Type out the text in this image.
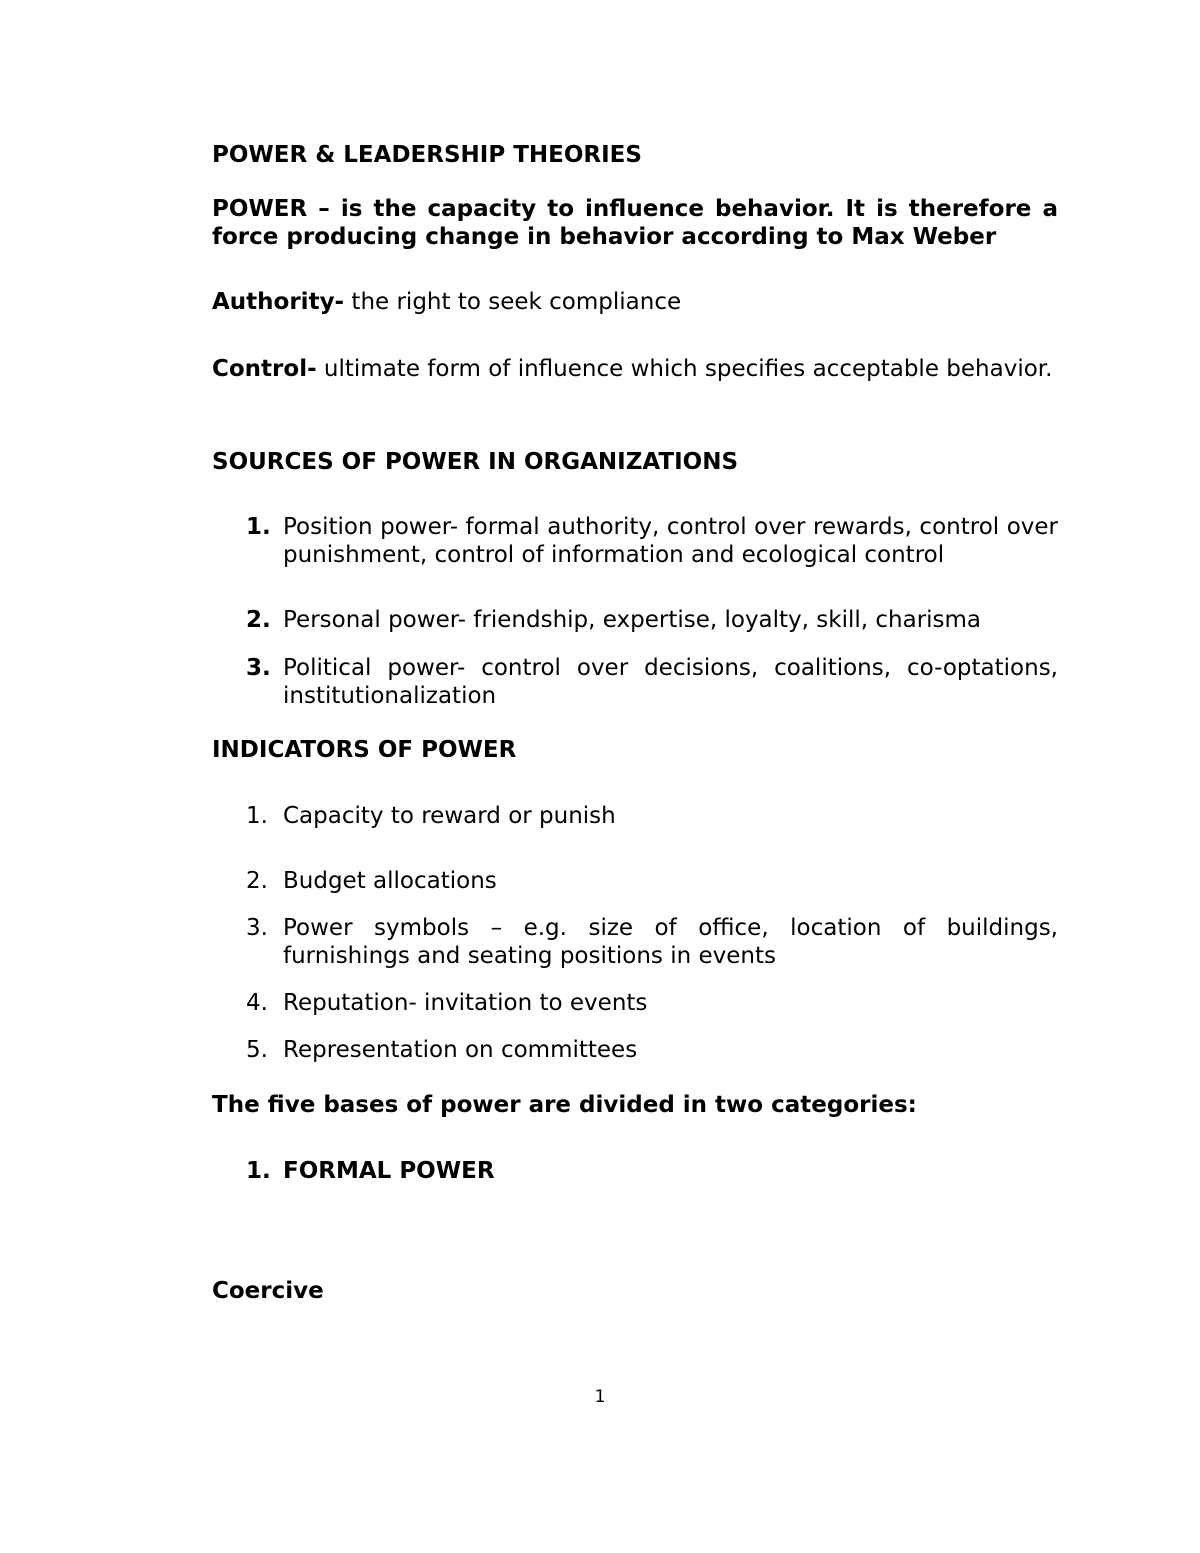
POWER & LEADERSHIP THEORIES

POWER – is the capacity to influence behavior. It is therefore a force producing change in behavior according to Max Weber

Authority- the right to seek compliance

Control- ultimate form of influence which specifies acceptable behavior.

SOURCES OF POWER IN ORGANIZATIONS

1. Position power- formal authority, control over rewards, control over punishment, control of information and ecological control
2. Personal power- friendship, expertise, loyalty, skill, charisma
3. Political power- control over decisions, coalitions, co-optations, institutionalization

INDICATORS OF POWER

1. Capacity to reward or punish
2. Budget allocations
3. Power symbols – e.g. size of office, location of buildings, furnishings and seating positions in events
4. Reputation- invitation to events
5. Representation on committees

The five bases of power are divided in two categories:

1. FORMAL POWER

Coercive

1
